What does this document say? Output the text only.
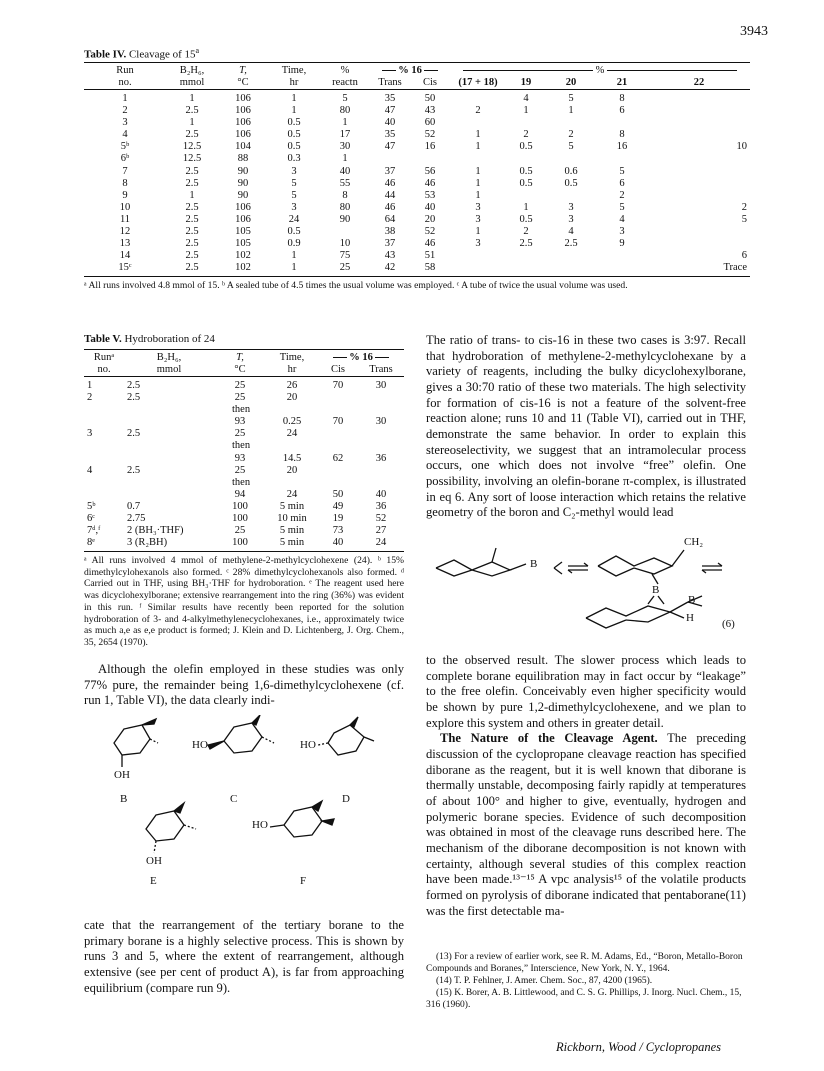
3943
Table IV. Cleavage of 15$^a$
Run	B₂H₆,	T,	Time,	%	% 16		%				
no.	mmol	°C	hr	reactn	Trans	Cis	(17 + 18)	19	20	21	22

1	1	106	1	5	35	50		4	5	8	
2	2.5	106	1	80	47	43	2	1	1	6	
3	1	106	0.5	1	40	60					
4	2.5	106	0.5	17	35	52	1	2	2	8	
5ᵇ	12.5	104	0.5	30	47	16	1	0.5	5	16	10
6ᵇ	12.5	88	0.3	1							
7	2.5	90	3	40	37	56	1	0.5	0.6	5	
8	2.5	90	5	55	46	46	1	0.5	0.5	6	
9	1	90	5	8	44	53	1			2	
10	2.5	106	3	80	46	40	3	1	3	5	2
11	2.5	106	24	90	64	20	3	0.5	3	4	5
12	2.5	105	0.5		38	52	1	2	4	3	
13	2.5	105	0.9	10	37	46	3	2.5	2.5	9	
14	2.5	102	1	75	43	51					6
15ᶜ	2.5	102	1	25	42	58					Trace
ᵃ All runs involved 4.8 mmol of 15. ᵇ A sealed tube of 4.5 times the usual volume was employed. ᶜ A tube of twice the usual volume was used.
Table V. Hydroboration of 24
Runᵃ	B₂H₆,	T,	Time,	% 16	
no.	mmol	°C	hr	Cis	Trans

1	2.5	25	26	70	30
2	2.5	25	20		
		then			
		93	0.25	70	30
3	2.5	25	24		
		then			
		93	14.5	62	36
4	2.5	25	20		
		then			
		94	24	50	40
5ᵇ	0.7	100	5 min	49	36
6ᶜ	2.75	100	10 min	19	52
7ᵈ,ᶠ	2 (BH₃·THF)	25	5 min	73	27
8ᵉ	3 (R₂BH)	100	5 min	40	24
ᵃ All runs involved 4 mmol of methylene-2-methylcyclohexene (24). ᵇ 15% dimethylcylohexanols also formed. ᶜ 28% dimethylcyclohexanols also formed. ᵈ Carried out in THF, using BH₃·THF for hydroboration. ᵉ The reagent used here was dicyclohexylborane; extensive rearrangement into the ring (36%) was evident in this run. ᶠ Similar results have recently been reported for the solution hydroboration of 3- and 4-alkylmethylenecyclohexanes, i.e., approximately twice as much a,e as e,e product is formed; J. Klein and D. Lichtenberg, J. Org. Chem., 35, 2654 (1970).

Although the olefin employed in these studies was only 77% pure, the remainder being 1,6-dimethylcyclohexene (cf. run 1, Table VI), the data clearly indi-

OH
B
HO
C
HO
D
OH
E
HO
F

cate that the rearrangement of the tertiary borane to the primary borane is a highly selective process. This is shown by runs 3 and 5, where the extent of rearrangement, although extensive (see per cent of product A), is far from approaching equilibrium (compare run 9).

The ratio of trans- to cis-16 in these two cases is 3:97. Recall that hydroboration of methylene-2-methylcyclohexane by a variety of reagents, including the bulky dicyclohexylborane, gives a 30:70 ratio of these two materials. The high selectivity for formation of cis-16 is not a feature of the solvent-free reaction alone; runs 10 and 11 (Table VI), carried out in THF, demonstrate the same behavior. In order to explain this stereoselectivity, we suggest that an intramolecular process occurs, one which does not involve “free” olefin. One possibility, involving an olefin-borane π-complex, is illustrated in eq 6. Any sort of loose interaction which retains the relative geometry of the boron and C₂-methyl would lead

B
CH₂
B
B
H	(6)

to the observed result. The slower process which leads to complete borane equilibration may in fact occur by “leakage” to the free olefin. Conceivably even higher specificity would be shown by pure 1,2-dimethylcyclohexene, and we plan to explore this system and others in greater detail.

The Nature of the Cleavage Agent. The preceding discussion of the cyclopropane cleavage reaction has specified diborane as the reagent, but it is well known that diborane is thermally unstable, decomposing fairly rapidly at temperatures of about 100° and higher to give, eventually, hydrogen and polymeric borane species. Evidence of such decomposition was obtained in most of the cleavage runs described here. The mechanism of the diborane decomposition is not known with certainty, although several studies of this complex reaction have been made.¹³⁻¹⁵ A vpc analysis¹⁵ of the volatile products formed on pyrolysis of diborane indicated that pentaborane(11) was the first detectable ma-

(13) For a review of earlier work, see R. M. Adams, Ed., “Boron, Metallo-Boron Compounds and Boranes,” Interscience, New York, N. Y., 1964.
(14) T. P. Fehlner, J. Amer. Chem. Soc., 87, 4200 (1965).
(15) K. Borer, A. B. Littlewood, and C. S. G. Phillips, J. Inorg. Nucl. Chem., 15, 316 (1960).
Rickborn, Wood / Cyclopropanes
